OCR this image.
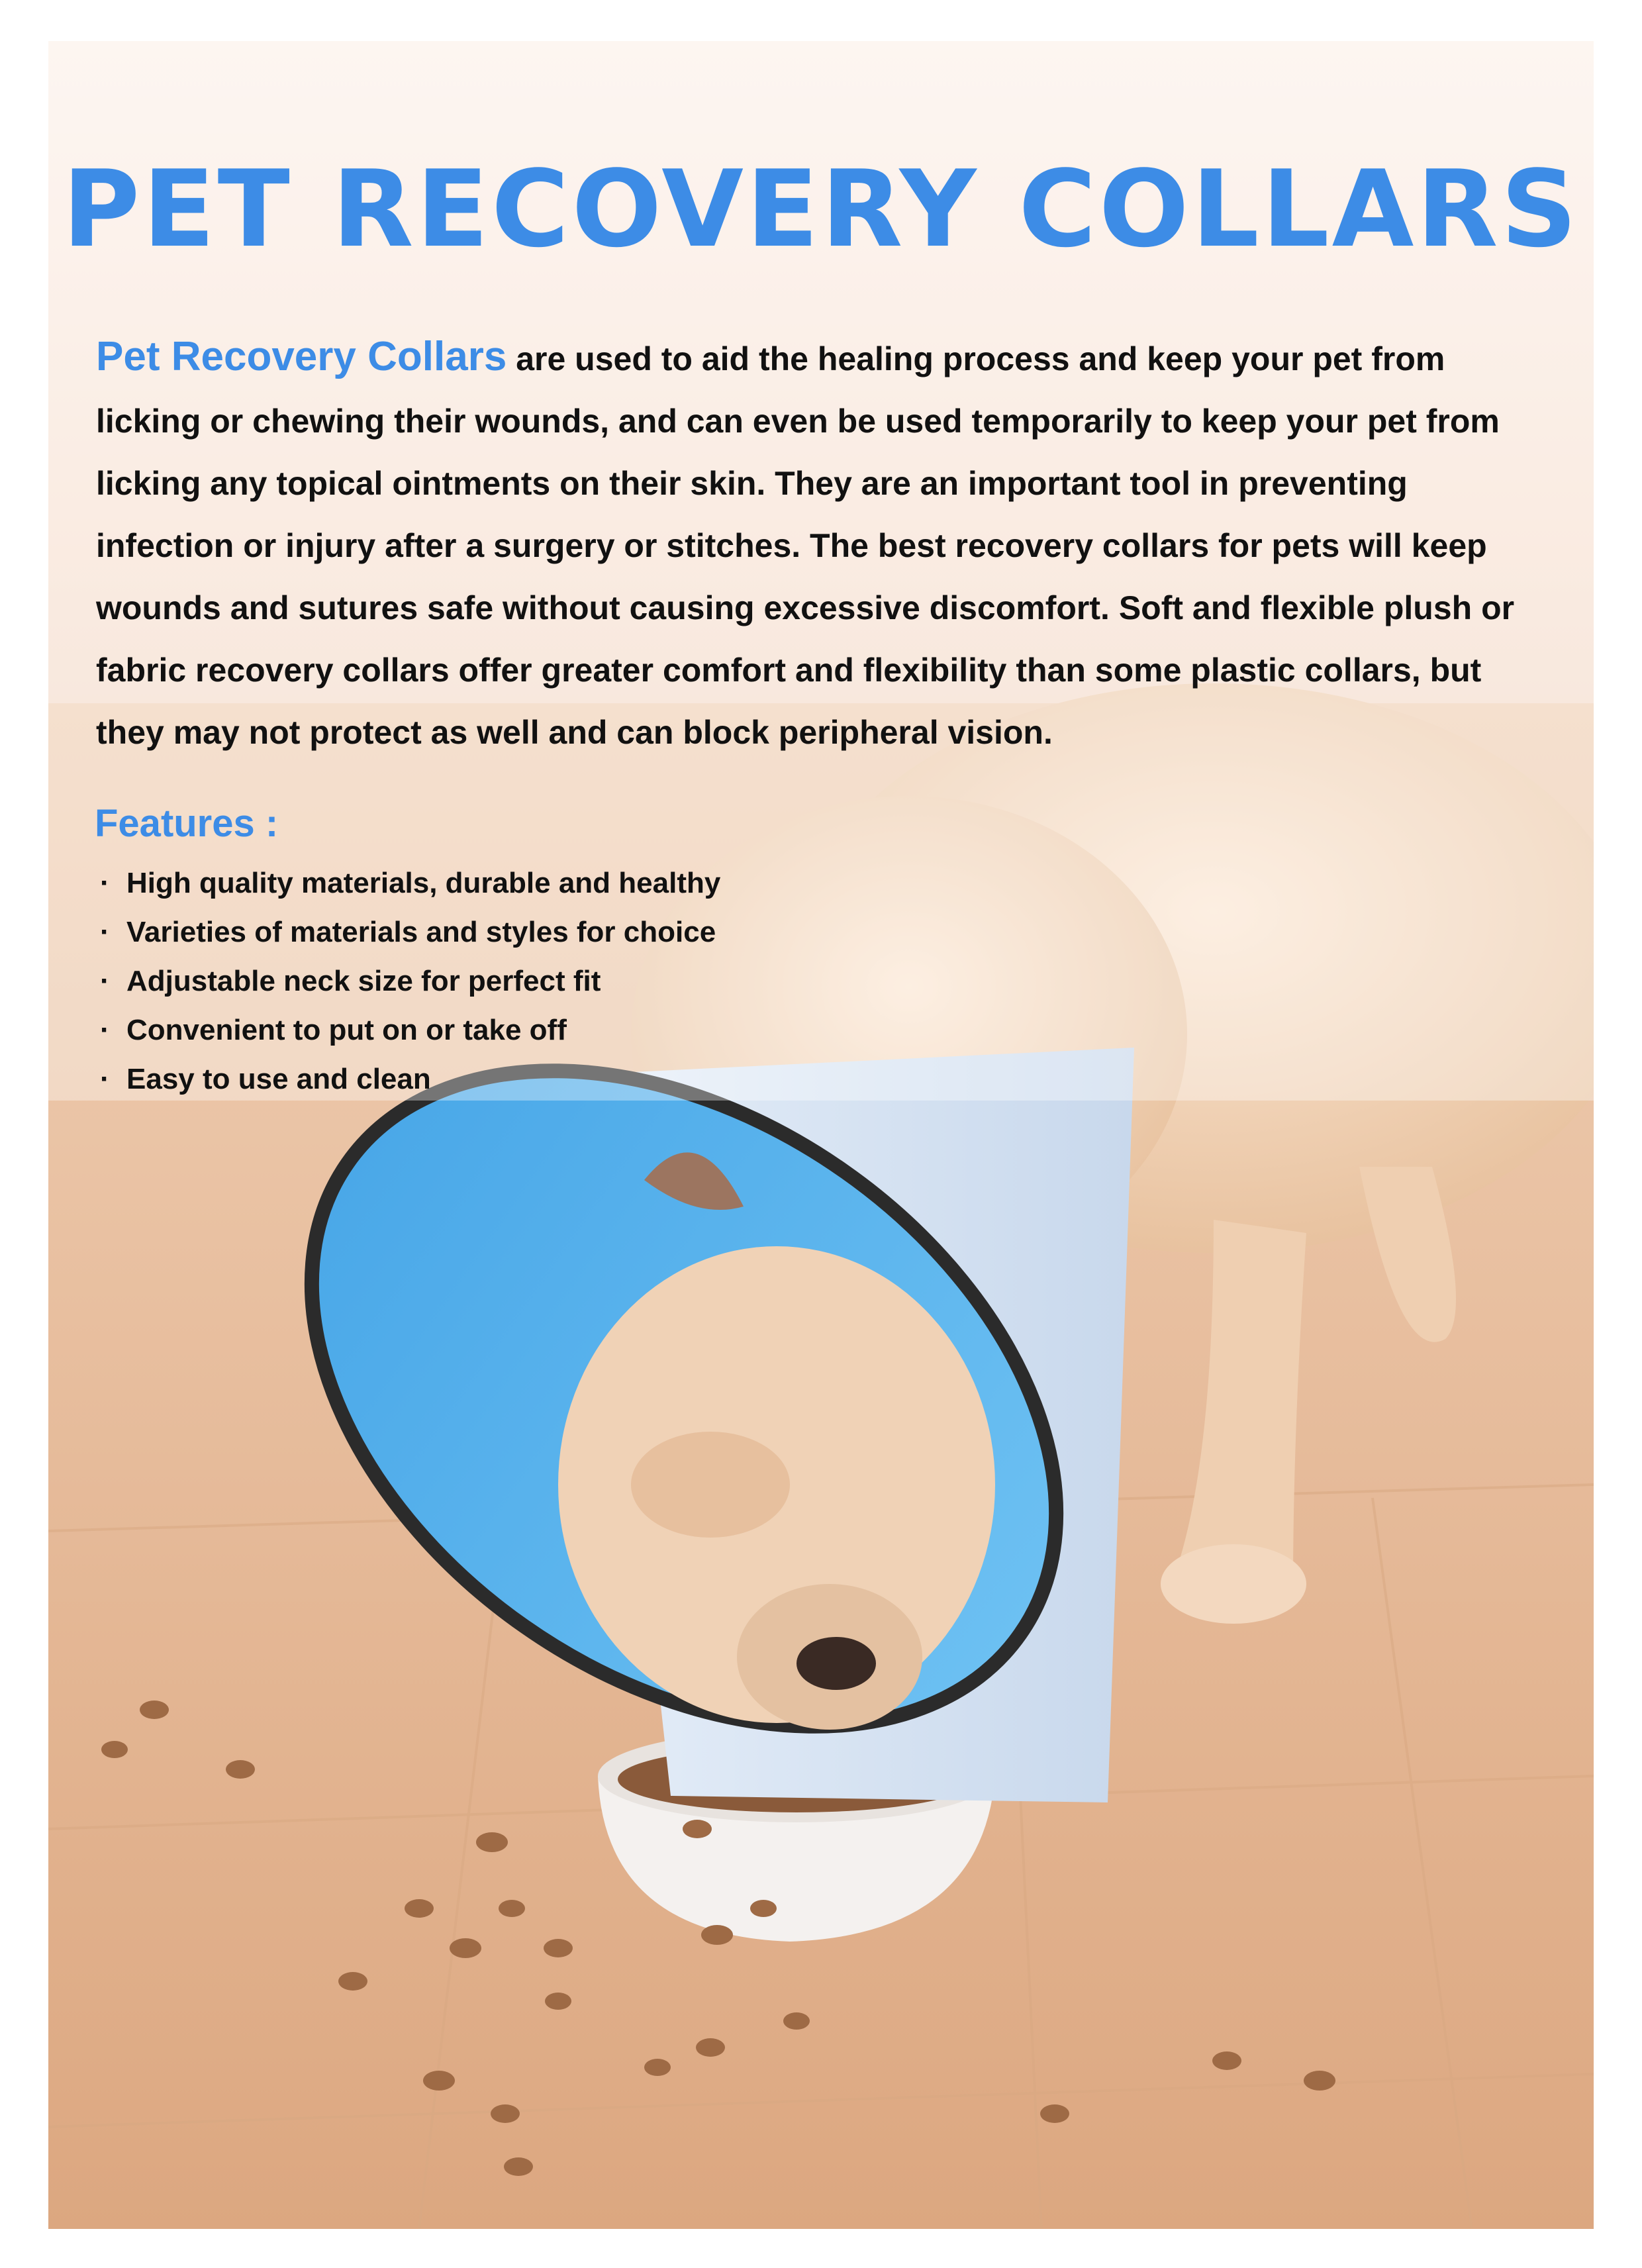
PET RECOVERY COLLARS

Pet Recovery Collars are used to aid the healing process and keep your pet from licking or chewing their wounds, and can even be used temporarily to keep your pet from licking any topical ointments on their skin. They are an important tool in preventing infection or injury after a surgery or stitches. The best recovery collars for pets will keep wounds and sutures safe without causing excessive discomfort. Soft and flexible plush or fabric recovery collars offer greater comfort and flexibility than some plastic collars, but they may not protect as well and can block peripheral vision.

Features :
· High quality materials, durable and healthy
· Varieties of materials and styles for choice
· Adjustable neck size for perfect fit
· Convenient to put on or take off
· Easy to use and clean
